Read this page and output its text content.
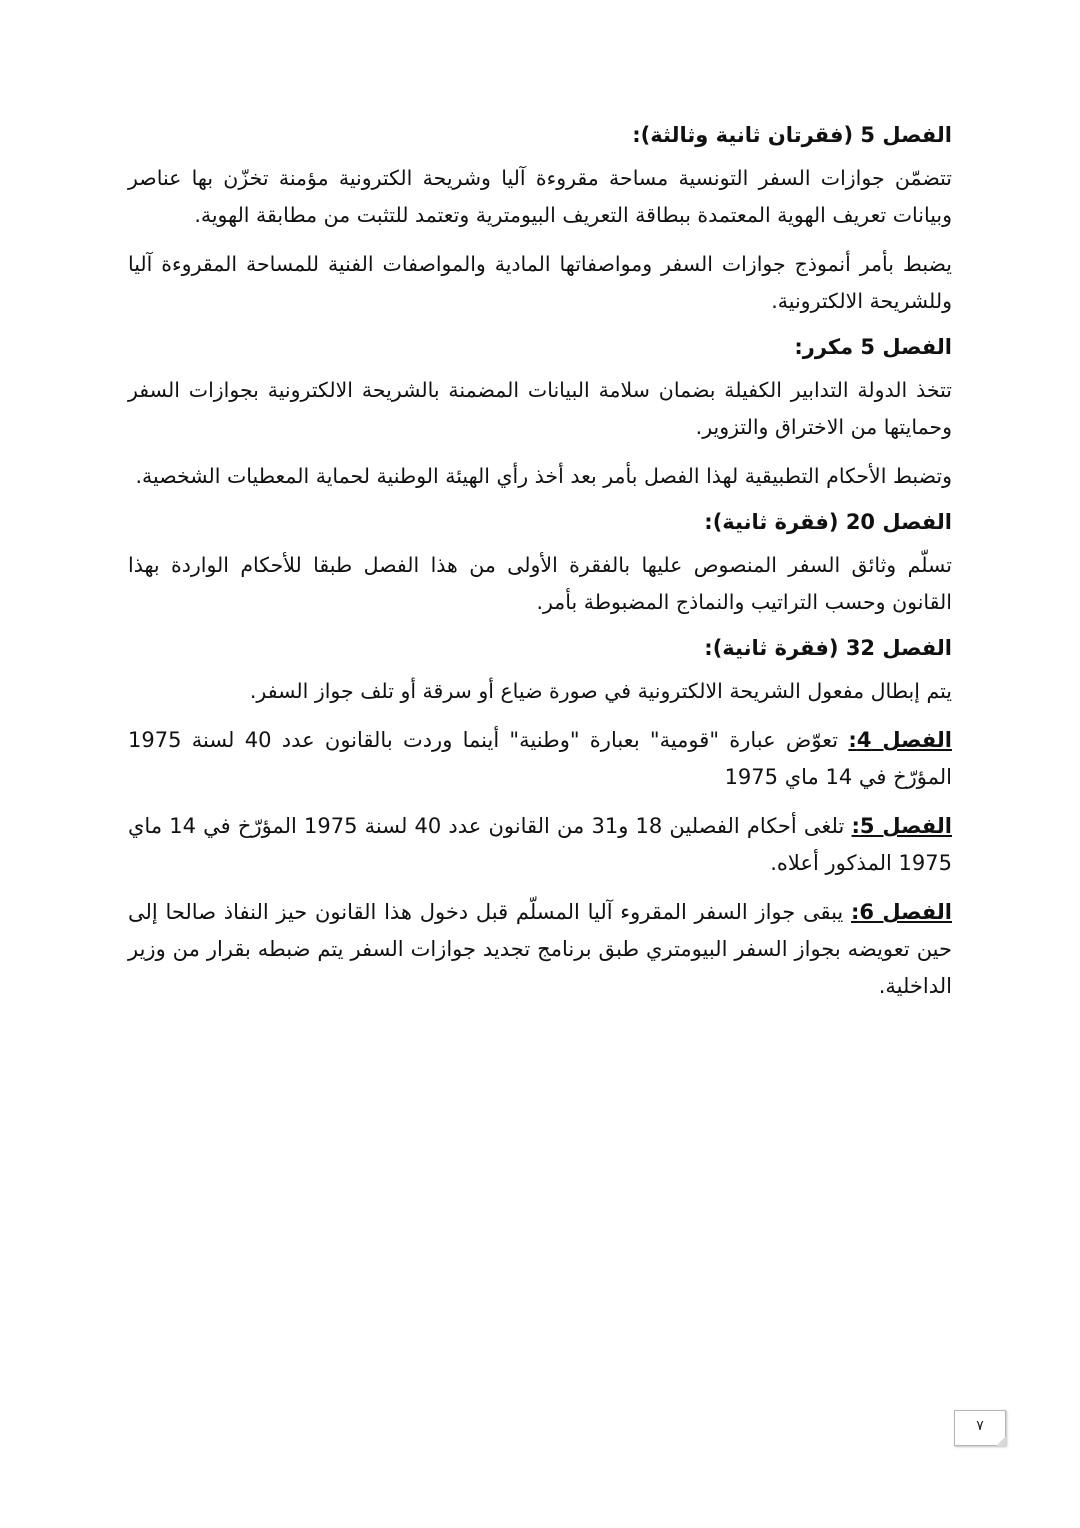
الفصل 5 (فقرتان ثانية وثالثة):
تتضمّن جوازات السفر التونسية مساحة مقروءة آليا وشريحة الكترونية مؤمنة تخزّن بها عناصر وبيانات تعريف الهوية المعتمدة ببطاقة التعريف البيومترية وتعتمد للتثبت من مطابقة الهوية.
يضبط بأمر أنموذج جوازات السفر ومواصفاتها المادية والمواصفات الفنية للمساحة المقروءة آليا وللشريحة الالكترونية.
الفصل 5 مكرر:
تتخذ الدولة التدابير الكفيلة بضمان سلامة البيانات المضمنة بالشريحة الالكترونية بجوازات السفر وحمايتها من الاختراق والتزوير.
وتضبط الأحكام التطبيقية لهذا الفصل بأمر بعد أخذ رأي الهيئة الوطنية لحماية المعطيات الشخصية.
الفصل 20 (فقرة ثانية):
تسلّم وثائق السفر المنصوص عليها بالفقرة الأولى من هذا الفصل طبقا للأحكام الواردة بهذا القانون وحسب التراتيب والنماذج المضبوطة بأمر.
الفصل 32 (فقرة ثانية):
يتم إبطال مفعول الشريحة الالكترونية في صورة ضياع أو سرقة أو تلف جواز السفر.
الفصل 4: تعوّض عبارة "قومية" بعبارة "وطنية" أينما وردت بالقانون عدد 40 لسنة 1975 المؤرّخ في 14 ماي 1975
الفصل 5: تلغى أحكام الفصلين 18 و31 من القانون عدد 40 لسنة 1975 المؤرّخ في 14 ماي 1975 المذكور أعلاه.
الفصل 6: يبقى جواز السفر المقروء آليا المسلّم قبل دخول هذا القانون حيز النفاذ صالحا إلى حين تعويضه بجواز السفر البيومتري طبق برنامج تجديد جوازات السفر يتم ضبطه بقرار من وزير الداخلية.
٧
